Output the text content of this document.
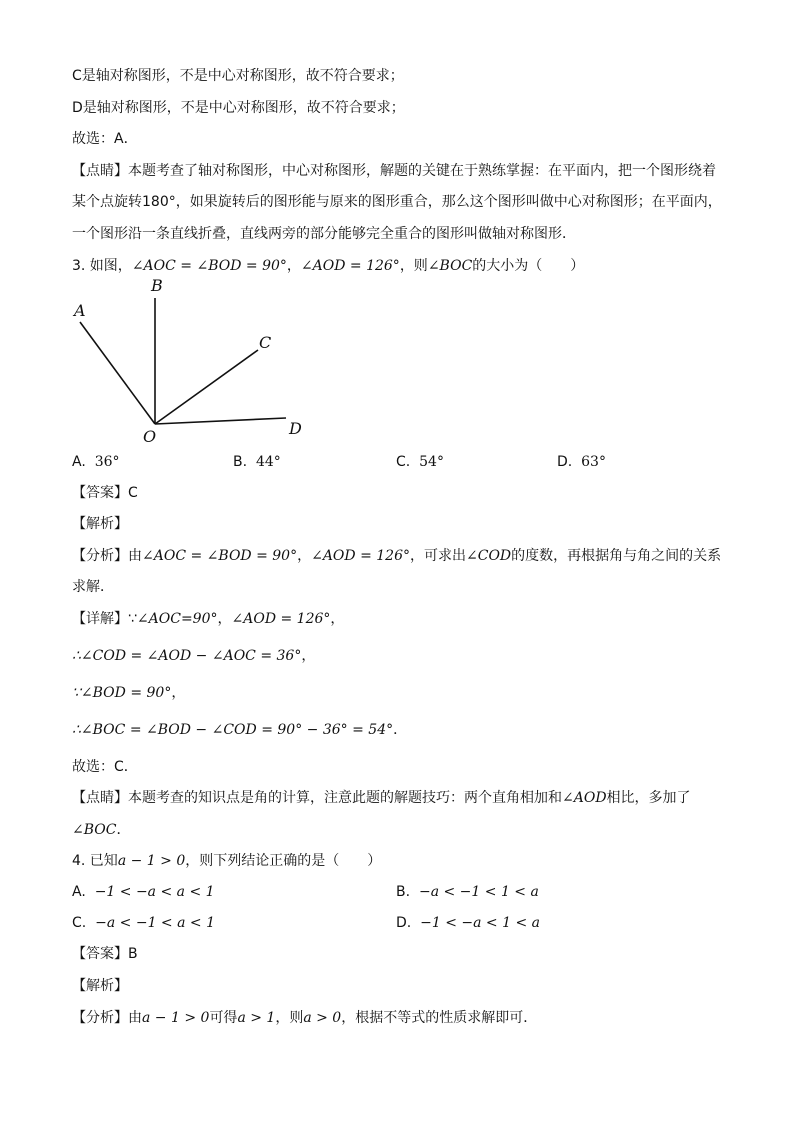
C是轴对称图形，不是中心对称图形，故不符合要求；
D是轴对称图形，不是中心对称图形，故不符合要求；
故选：A．
【点睛】本题考查了轴对称图形，中心对称图形，解题的关键在于熟练掌握：在平面内，把一个图形绕着
某个点旋转180°，如果旋转后的图形能与原来的图形重合，那么这个图形叫做中心对称图形；在平面内，
一个图形沿一条直线折叠，直线两旁的部分能够完全重合的图形叫做轴对称图形．
3. 如图，∠AOC = ∠BOD = 90°，∠AOD = 126°，则∠BOC的大小为（　　）
A
B
C
D
O
A. 36°	B. 44°	C. 54°	D. 63°
【答案】C
【解析】
【分析】由∠AOC = ∠BOD = 90°，∠AOD = 126°，可求出∠COD的度数，再根据角与角之间的关系
求解．
【详解】∵∠AOC=90°，∠AOD = 126°，
∴∠COD = ∠AOD − ∠AOC = 36°，
∵∠BOD = 90°，
∴∠BOC = ∠BOD − ∠COD = 90° − 36° = 54°．
故选：C．
【点睛】本题考查的知识点是角的计算，注意此题的解题技巧：两个直角相加和∠AOD相比，多加了
∠BOC．
4. 已知a − 1 > 0，则下列结论正确的是（　　）
A. −1 < −a < a < 1	B. −a < −1 < 1 < a
C. −a < −1 < a < 1	D. −1 < −a < 1 < a
【答案】B
【解析】
【分析】由a − 1 > 0可得a > 1，则a > 0，根据不等式的性质求解即可．
